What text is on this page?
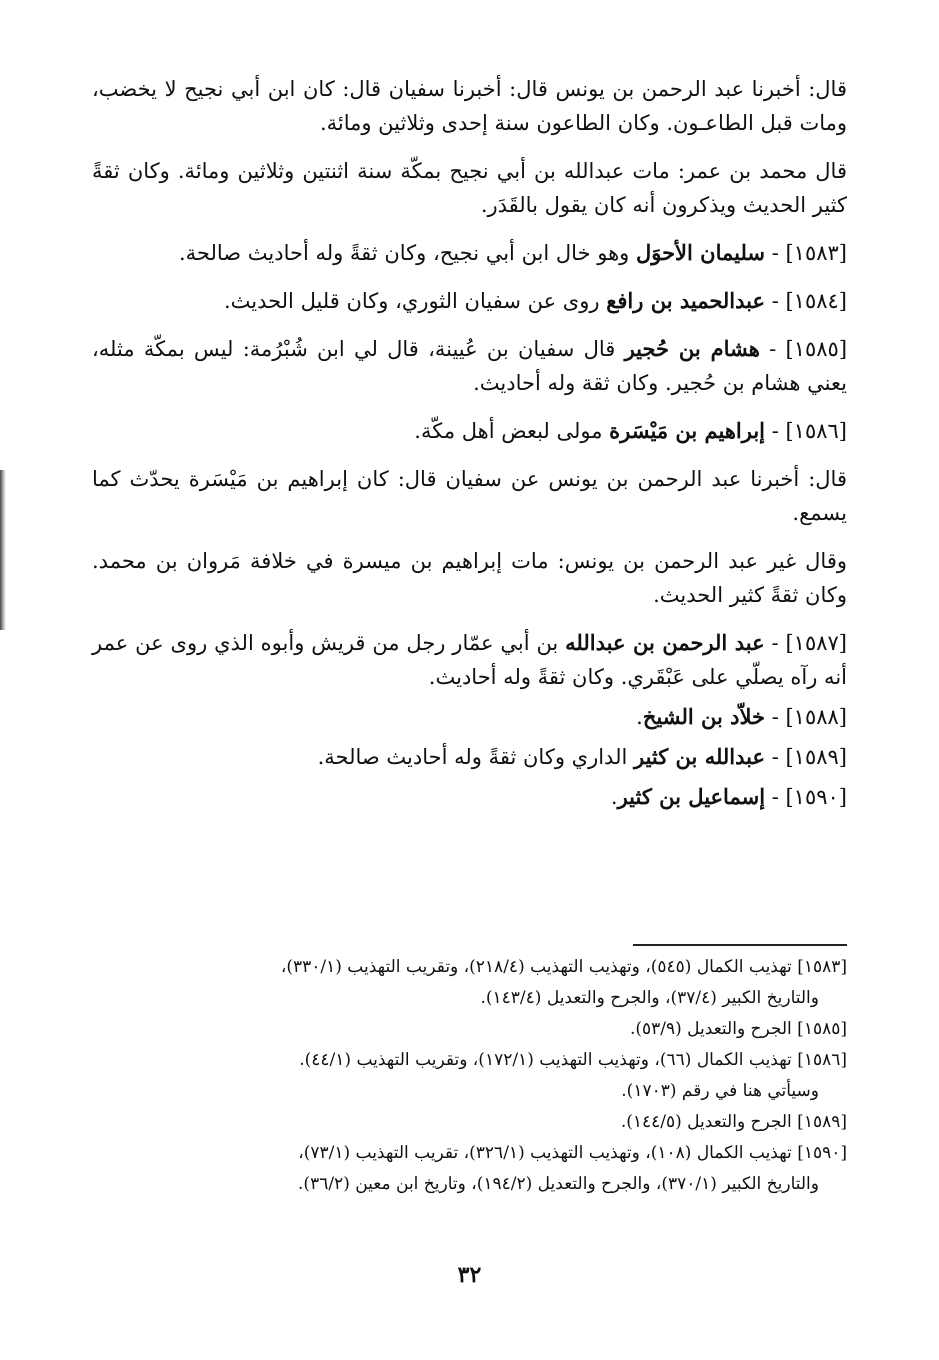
قال: أخبرنا عبد الرحمن بن يونس قال: أخبرنا سفيان قال: كان ابن أبي نجيح لا يخضب، ومات قبل الطاعـون. وكان الطاعون سنة إحدى وثلاثين ومائة.

قال محمد بن عمر: مات عبدالله بن أبي نجيح بمكّة سنة اثنتين وثلاثين ومائة. وكان ثقةً كثير الحديث ويذكرون أنه كان يقول بالقَدَر.

[١٥٨٣] - سليمان الأحوَل وهو خال ابن أبي نجيح، وكان ثقةً وله أحاديث صالحة.

[١٥٨٤] - عبدالحميد بن رافع روى عن سفيان الثوري، وكان قليل الحديث.

[١٥٨٥] - هشام بن حُجير قال سفيان بن عُيينة، قال لي ابن شُبْرُمة: ليس بمكّة مثله، يعني هشام بن حُجير. وكان ثقة وله أحاديث.

[١٥٨٦] - إبراهيم بن مَيْسَرة مولى لبعض أهل مكّة.

قال: أخبرنا عبد الرحمن بن يونس عن سفيان قال: كان إبراهيم بن مَيْسَرة يحدّث كما يسمع.

وقال غير عبد الرحمن بن يونس: مات إبراهيم بن ميسرة في خلافة مَروان بن محمد. وكان ثقةً كثير الحديث.

[١٥٨٧] - عبد الرحمن بن عبدالله بن أبي عمّار رجل من قريش وأبوه الذي روى عن عمر أنه رآه يصلّي على عَبْقَري. وكان ثقةً وله أحاديث.

[١٥٨٨] - خلاّد بن الشيخ.

[١٥٨٩] - عبدالله بن كثير الداري وكان ثقةً وله أحاديث صالحة.

[١٥٩٠] - إسماعيل بن كثير.

[١٥٨٣] تهذيب الكمال (٥٤٥)، وتهذيب التهذيب (٢١٨/٤)، وتقريب التهذيب (٣٣٠/١)،
والتاريخ الكبير (٣٧/٤)، والجرح والتعديل (١٤٣/٤).

[١٥٨٥] الجرح والتعديل (٥٣/٩).

[١٥٨٦] تهذيب الكمال (٦٦)، وتهذيب التهذيب (١٧٢/١)، وتقريب التهذيب (٤٤/١).
وسيأتي هنا في رقم (١٧٠٣).

[١٥٨٩] الجرح والتعديل (١٤٤/٥).

[١٥٩٠] تهذيب الكمال (١٠٨)، وتهذيب التهذيب (٣٢٦/١)، تقريب التهذيب (٧٣/١)،
والتاريخ الكبير (٣٧٠/١)، والجرح والتعديل (١٩٤/٢)، وتاريخ ابن معين (٣٦/٢).

٣٢
